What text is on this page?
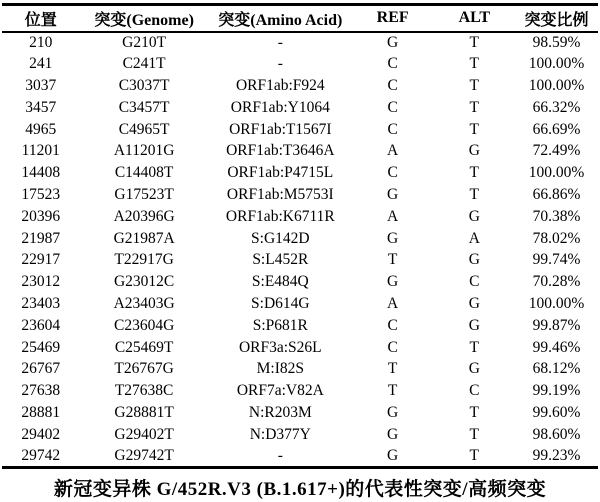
位置	突变(Genome)	突变(Amino Acid)	REF	ALT	突变比例
210	G210T	-	G	T	98.59%
241	C241T	-	C	T	100.00%
3037	C3037T	ORF1ab:F924	C	T	100.00%
3457	C3457T	ORF1ab:Y1064	C	T	66.32%
4965	C4965T	ORF1ab:T1567I	C	T	66.69%
11201	A11201G	ORF1ab:T3646A	A	G	72.49%
14408	C14408T	ORF1ab:P4715L	C	T	100.00%
17523	G17523T	ORF1ab:M5753I	G	T	66.86%
20396	A20396G	ORF1ab:K6711R	A	G	70.38%
21987	G21987A	S:G142D	G	A	78.02%
22917	T22917G	S:L452R	T	G	99.74%
23012	G23012C	S:E484Q	G	C	70.28%
23403	A23403G	S:D614G	A	G	100.00%
23604	C23604G	S:P681R	C	G	99.87%
25469	C25469T	ORF3a:S26L	C	T	99.46%
26767	T26767G	M:I82S	T	G	68.12%
27638	T27638C	ORF7a:V82A	T	C	99.19%
28881	G28881T	N:R203M	G	T	99.60%
29402	G29402T	N:D377Y	G	T	98.60%
29742	G29742T	-	G	T	99.23%
新冠变异株 G/452R.V3 (B.1.617+)的代表性突变/高频突变
